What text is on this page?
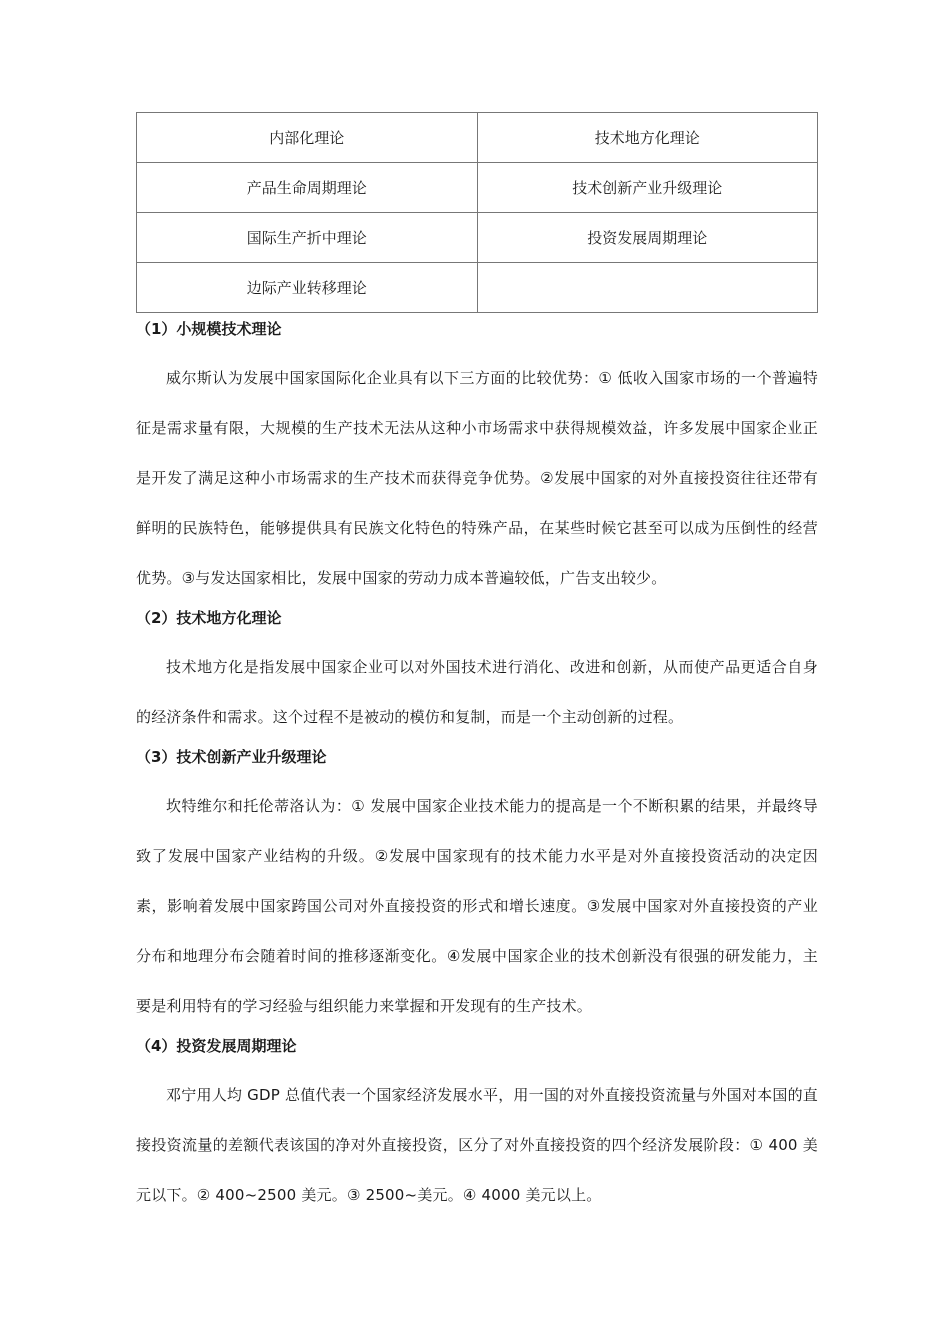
内部化理论	技术地方化理论
产品生命周期理论	技术创新产业升级理论
国际生产折中理论	投资发展周期理论
边际产业转移理论	
（1）小规模技术理论

威尔斯认为发展中国家国际化企业具有以下三方面的比较优势：① 低收入国家市场的一个普遍特征是需求量有限，大规模的生产技术无法从这种小市场需求中获得规模效益，许多发展中国家企业正是开发了满足这种小市场需求的生产技术而获得竞争优势。②发展中国家的对外直接投资往往还带有鲜明的民族特色，能够提供具有民族文化特色的特殊产品，在某些时候它甚至可以成为压倒性的经营优势。③与发达国家相比，发展中国家的劳动力成本普遍较低，广告支出较少。

（2）技术地方化理论

技术地方化是指发展中国家企业可以对外国技术进行消化、改进和创新，从而使产品更适合自身的经济条件和需求。这个过程不是被动的模仿和复制，而是一个主动创新的过程。

（3）技术创新产业升级理论

坎特维尔和托伦蒂洛认为：① 发展中国家企业技术能力的提高是一个不断积累的结果，并最终导致了发展中国家产业结构的升级。②发展中国家现有的技术能力水平是对外直接投资活动的决定因素，影响着发展中国家跨国公司对外直接投资的形式和增长速度。③发展中国家对外直接投资的产业分布和地理分布会随着时间的推移逐渐变化。④发展中国家企业的技术创新没有很强的研发能力，主要是利用特有的学习经验与组织能力来掌握和开发现有的生产技术。

（4）投资发展周期理论

邓宁用人均 GDP 总值代表一个国家经济发展水平，用一国的对外直接投资流量与外国对本国的直接投资流量的差额代表该国的净对外直接投资，区分了对外直接投资的四个经济发展阶段：① 400 美元以下。② 400~2500 美元。③ 2500~美元。④ 4000 美元以上。
